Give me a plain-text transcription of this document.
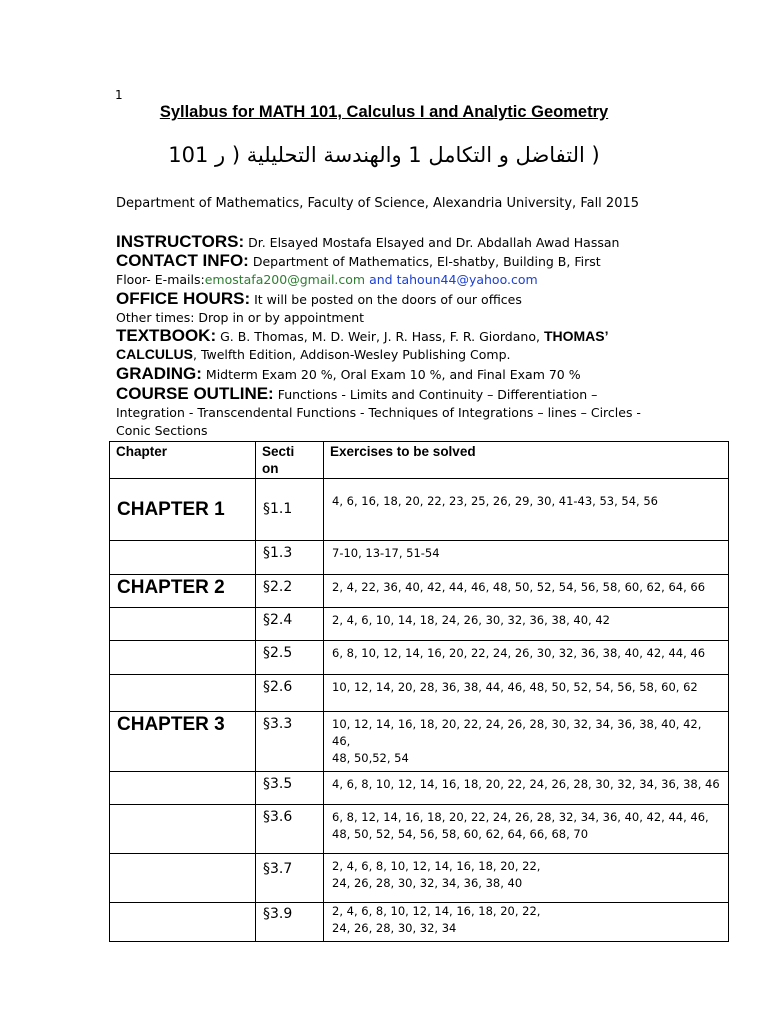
1
Syllabus for MATH 101, Calculus I and Analytic Geometry
( التفاضل و التكامل 1 والهندسة التحليلية ( ر 101
Department of Mathematics, Faculty of Science, Alexandria University, Fall 2015
INSTRUCTORS: Dr. Elsayed Mostafa Elsayed and Dr. Abdallah Awad Hassan
CONTACT INFO: Department of Mathematics, El-shatby, Building B, First
Floor- E-mails:emostafa200@gmail.com and tahoun44@yahoo.com
OFFICE HOURS: It will be posted on the doors of our offices
Other times: Drop in or by appointment
TEXTBOOK: G. B. Thomas, M. D. Weir, J. R. Hass, F. R. Giordano, THOMAS’
CALCULUS, Twelfth Edition, Addison-Wesley Publishing Comp.
GRADING: Midterm Exam 20 %, Oral Exam 10 %, and Final Exam 70 %
COURSE OUTLINE: Functions - Limits and Continuity – Differentiation –
Integration - Transcendental Functions - Techniques of Integrations – lines – Circles -
Conic Sections
Chapter	Secti
on	Exercises to be solved
CHAPTER 1	§1.1	4, 6, 16, 18, 20, 22, 23, 25, 26, 29, 30, 41-43, 53, 54, 56
	§1.3	7-10, 13-17, 51-54
CHAPTER 2	§2.2	2, 4, 22, 36, 40, 42, 44, 46, 48, 50, 52, 54, 56, 58, 60, 62, 64, 66
	§2.4	2, 4, 6, 10, 14, 18, 24, 26, 30, 32, 36, 38, 40, 42
	§2.5	6, 8, 10, 12, 14, 16, 20, 22, 24, 26, 30, 32, 36, 38, 40, 42, 44, 46
	§2.6	10, 12, 14, 20, 28, 36, 38, 44, 46, 48, 50, 52, 54, 56, 58, 60, 62
CHAPTER 3	§3.3	10, 12, 14, 16, 18, 20, 22, 24, 26, 28, 30, 32, 34, 36, 38, 40, 42, 46,
48, 50,52, 54
	§3.5	4, 6, 8, 10, 12, 14, 16, 18, 20, 22, 24, 26, 28, 30, 32, 34, 36, 38, 46
	§3.6	6, 8, 12, 14, 16, 18, 20, 22, 24, 26, 28, 32, 34, 36, 40, 42, 44, 46,
48, 50, 52, 54, 56, 58, 60, 62, 64, 66, 68, 70
	§3.7	2, 4, 6, 8, 10, 12, 14, 16, 18, 20, 22,
24, 26, 28, 30, 32, 34, 36, 38, 40
	§3.9	2, 4, 6, 8, 10, 12, 14, 16, 18, 20, 22,
24, 26, 28, 30, 32, 34
